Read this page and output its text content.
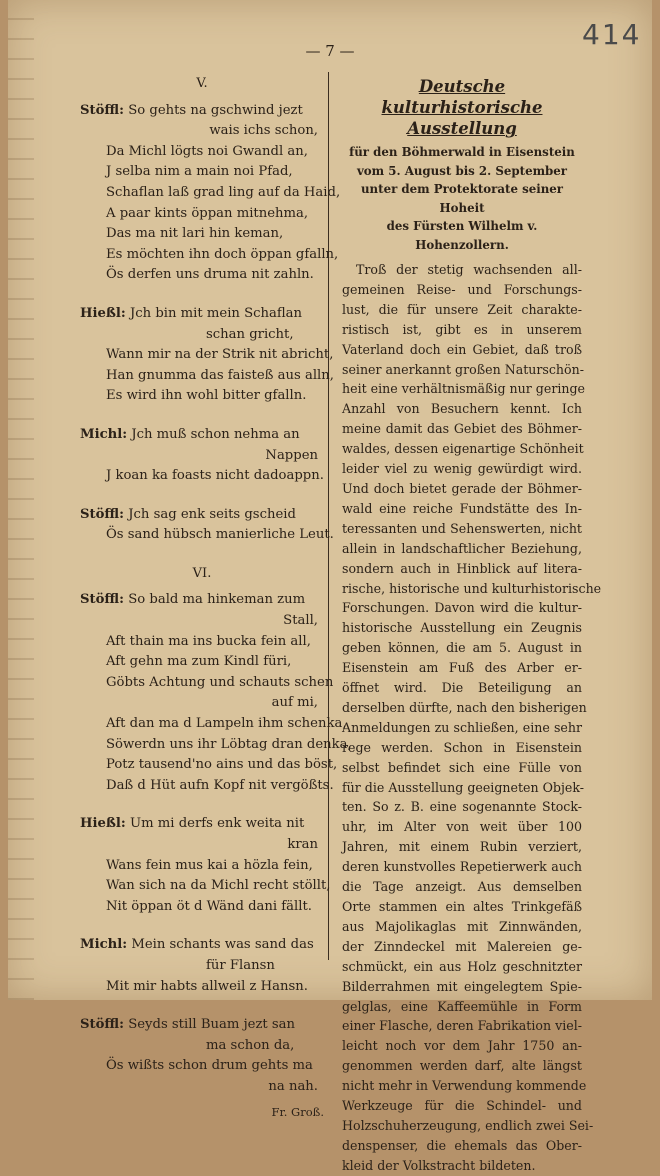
— 7 —	414
V.
Stöffl: So gehts na gschwind jezt
wais ichs schon,
Da Michl lögts noi Gwandl an,
J selba nim a main noi Pfad,
Schaflan laß grad ling auf da Haid,
A paar kints öppan mitnehma,
Das ma nit lari hin keman,
Es möchten ihn doch öppan gfalln,
Ös derfen uns druma nit zahln.
Hießl: Jch bin mit mein Schaflan
schan gricht,
Wann mir na der Strik nit abricht,
Han gnumma das faisteß aus alln,
Es wird ihn wohl bitter gfalln.
Michl: Jch muß schon nehma an
Nappen
J koan ka foasts nicht dadoappn.
Stöffl: Jch sag enk seits gscheid
Ös sand hübsch manierliche Leut.
VI.
Stöffl: So bald ma hinkeman zum
Stall,
Aft thain ma ins bucka fein all,
Aft gehn ma zum Kindl füri,
Göbts Achtung und schauts schen
auf mi,
Aft dan ma d Lampeln ihm schenka,
Söwerdn uns ihr Löbtag dran denka,
Potz tausend'no ains und das böst,
Daß d Hüt aufn Kopf nit vergößts.
Hießl: Um mi derfs enk weita nit
kran
Wans fein mus kai a hözla fein,
Wan sich na da Michl recht stöllt,
Nit öppan öt d Wänd dani fällt.
Michl: Mein schants was sand das
für Flansn
Mit mir habts allweil z Hansn.
Stöffl: Seyds still Buam jezt san
ma schon da,
Ös wißts schon drum gehts ma
na nah.
Fr. Groß.
Deutsche kulturhistorische
Ausstellung
für den Böhmerwald in Eisenstein
vom 5. August bis 2. September
unter dem Protektorate seiner Hoheit
des Fürsten Wilhelm v. Hohenzollern.
Troß der stetig wachsenden all-
gemeinen Reise- und Forschungs-
lust, die für unsere Zeit charakte-
ristisch ist, gibt es in unserem
Vaterland doch ein Gebiet, daß troß
seiner anerkannt großen Naturschön-
heit eine verhältnismäßig nur geringe
Anzahl von Besuchern kennt. Ich
meine damit das Gebiet des Böhmer-
waldes, dessen eigenartige Schönheit
leider viel zu wenig gewürdigt wird.
Und doch bietet gerade der Böhmer-
wald eine reiche Fundstätte des In-
teressanten und Sehenswerten, nicht
allein in landschaftlicher Beziehung,
sondern auch in Hinblick auf litera-
rische, historische und kulturhistorische
Forschungen. Davon wird die kultur-
historische Ausstellung ein Zeugnis
geben können, die am 5. August in
Eisenstein am Fuß des Arber er-
öffnet wird. Die Beteiligung an
derselben dürfte, nach den bisherigen
Anmeldungen zu schließen, eine sehr
rege werden. Schon in Eisenstein
selbst befindet sich eine Fülle von
für die Ausstellung geeigneten Objek-
ten. So z. B. eine sogenannte Stock-
uhr, im Alter von weit über 100
Jahren, mit einem Rubin verziert,
deren kunstvolles Repetierwerk auch
die Tage anzeigt. Aus demselben
Orte stammen ein altes Trinkgefäß
aus Majolikaglas mit Zinnwänden,
der Zinndeckel mit Malereien ge-
schmückt, ein aus Holz geschnitzter
Bilderrahmen mit eingelegtem Spie-
gelglas, eine Kaffeemühle in Form
einer Flasche, deren Fabrikation viel-
leicht noch vor dem Jahr 1750 an-
genommen werden darf, alte längst
nicht mehr in Verwendung kommende
Werkzeuge für die Schindel- und
Holzschuherzeugung, endlich zwei Sei-
denspenser, die ehemals das Ober-
kleid der Volkstracht bildeten.
